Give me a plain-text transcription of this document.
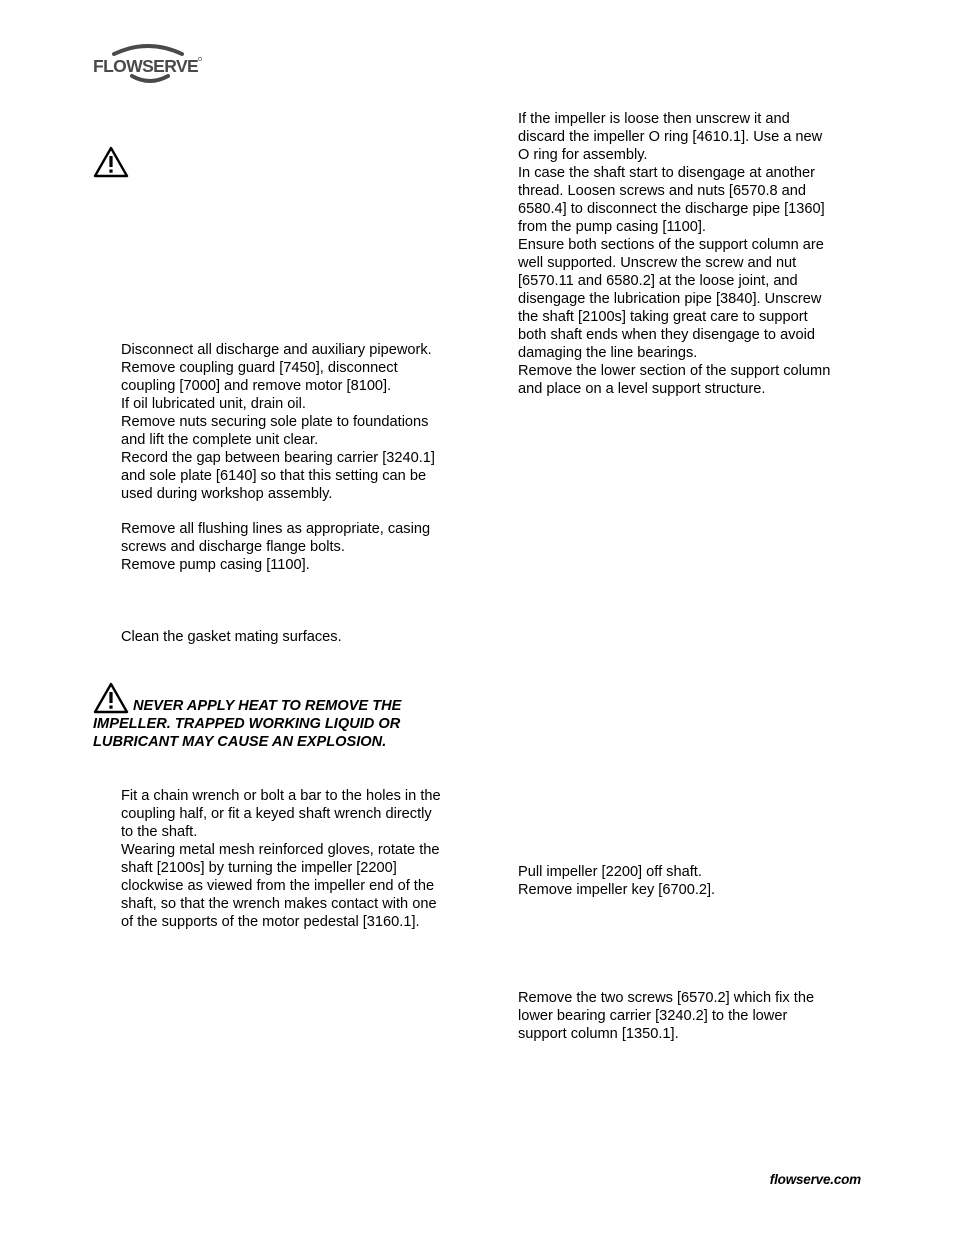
FLOWSERVE
Disconnect all discharge and auxiliary pipework.
Remove coupling guard [7450], disconnect
coupling [7000] and remove motor [8100].
If oil lubricated unit, drain oil.
Remove nuts securing sole plate to foundations
and lift the complete unit clear.
Record the gap between bearing carrier [3240.1]
and sole plate [6140] so that this setting can be
used during workshop assembly.
Remove all flushing lines as appropriate, casing
screws and discharge flange bolts.
Remove pump casing [1100].
Clean the gasket mating surfaces.
NEVER APPLY HEAT TO REMOVE THE
IMPELLER. TRAPPED WORKING LIQUID OR
LUBRICANT MAY CAUSE AN EXPLOSION.
Fit a chain wrench or bolt a bar to the holes in the
coupling half, or fit a keyed shaft wrench directly
to the shaft.
Wearing metal mesh reinforced gloves, rotate the
shaft [2100s] by turning the impeller [2200]
clockwise as viewed from the impeller end of the
shaft, so that the wrench makes contact with one
of the supports of the motor pedestal [3160.1].
If the impeller is loose then unscrew it and
discard the impeller O ring [4610.1]. Use a new
O ring for assembly.
In case the shaft start to disengage at another
thread. Loosen screws and nuts [6570.8 and
6580.4] to disconnect the discharge pipe [1360]
from the pump casing [1100].
Ensure both sections of the support column are
well supported. Unscrew the screw and nut
[6570.11 and 6580.2] at the loose joint, and
disengage the lubrication pipe [3840]. Unscrew
the shaft [2100s] taking great care to support
both shaft ends when they disengage to avoid
damaging the line bearings.
Remove the lower section of the support column
and place on a level support structure.
Pull impeller [2200] off shaft.
Remove impeller key [6700.2].
Remove the two screws [6570.2] which fix the
lower bearing carrier [3240.2] to the lower
support column [1350.1].
flowserve.com
